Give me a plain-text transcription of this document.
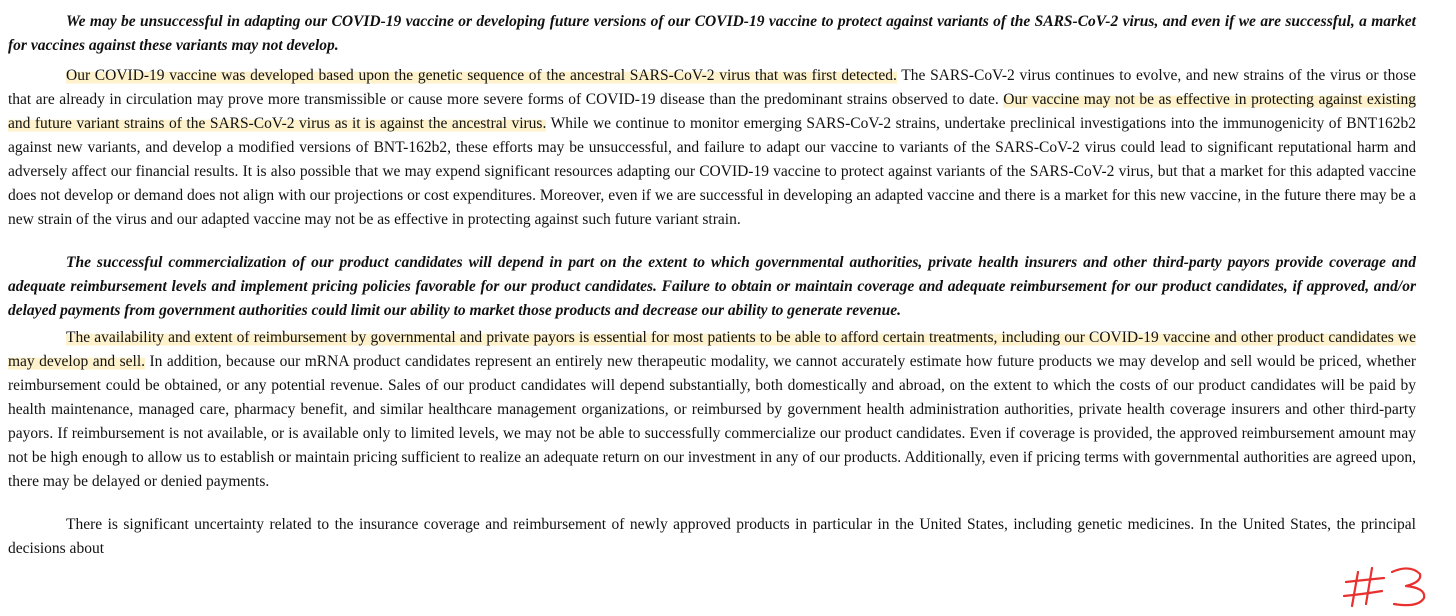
We may be unsuccessful in adapting our COVID-19 vaccine or developing future versions of our COVID-19 vaccine to protect against variants of the SARS-CoV-2 virus, and even if we are successful, a market for vaccines against these variants may not develop.

Our COVID-19 vaccine was developed based upon the genetic sequence of the ancestral SARS-CoV-2 virus that was first detected. The SARS-CoV-2 virus continues to evolve, and new strains of the virus or those that are already in circulation may prove more transmissible or cause more severe forms of COVID-19 disease than the predominant strains observed to date. Our vaccine may not be as effective in protecting against existing and future variant strains of the SARS-CoV-2 virus as it is against the ancestral virus. While we continue to monitor emerging SARS-CoV-2 strains, undertake preclinical investigations into the immunogenicity of BNT162b2 against new variants, and develop a modified versions of BNT-162b2, these efforts may be unsuccessful, and failure to adapt our vaccine to variants of the SARS-CoV-2 virus could lead to significant reputational harm and adversely affect our financial results. It is also possible that we may expend significant resources adapting our COVID-19 vaccine to protect against variants of the SARS-CoV-2 virus, but that a market for this adapted vaccine does not develop or demand does not align with our projections or cost expenditures. Moreover, even if we are successful in developing an adapted vaccine and there is a market for this new vaccine, in the future there may be a new strain of the virus and our adapted vaccine may not be as effective in protecting against such future variant strain.

The successful commercialization of our product candidates will depend in part on the extent to which governmental authorities, private health insurers and other third-party payors provide coverage and adequate reimbursement levels and implement pricing policies favorable for our product candidates. Failure to obtain or maintain coverage and adequate reimbursement for our product candidates, if approved, and/or delayed payments from government authorities could limit our ability to market those products and decrease our ability to generate revenue.

The availability and extent of reimbursement by governmental and private payors is essential for most patients to be able to afford certain treatments, including our COVID-19 vaccine and other product candidates we may develop and sell. In addition, because our mRNA product candidates represent an entirely new therapeutic modality, we cannot accurately estimate how future products we may develop and sell would be priced, whether reimbursement could be obtained, or any potential revenue. Sales of our product candidates will depend substantially, both domestically and abroad, on the extent to which the costs of our product candidates will be paid by health maintenance, managed care, pharmacy benefit, and similar healthcare management organizations, or reimbursed by government health administration authorities, private health coverage insurers and other third-party payors. If reimbursement is not available, or is available only to limited levels, we may not be able to successfully commercialize our product candidates. Even if coverage is provided, the approved reimbursement amount may not be high enough to allow us to establish or maintain pricing sufficient to realize an adequate return on our investment in any of our products. Additionally, even if pricing terms with governmental authorities are agreed upon, there may be delayed or denied payments.

There is significant uncertainty related to the insurance coverage and reimbursement of newly approved products in particular in the United States, including genetic medicines. In the United States, the principal decisions about
